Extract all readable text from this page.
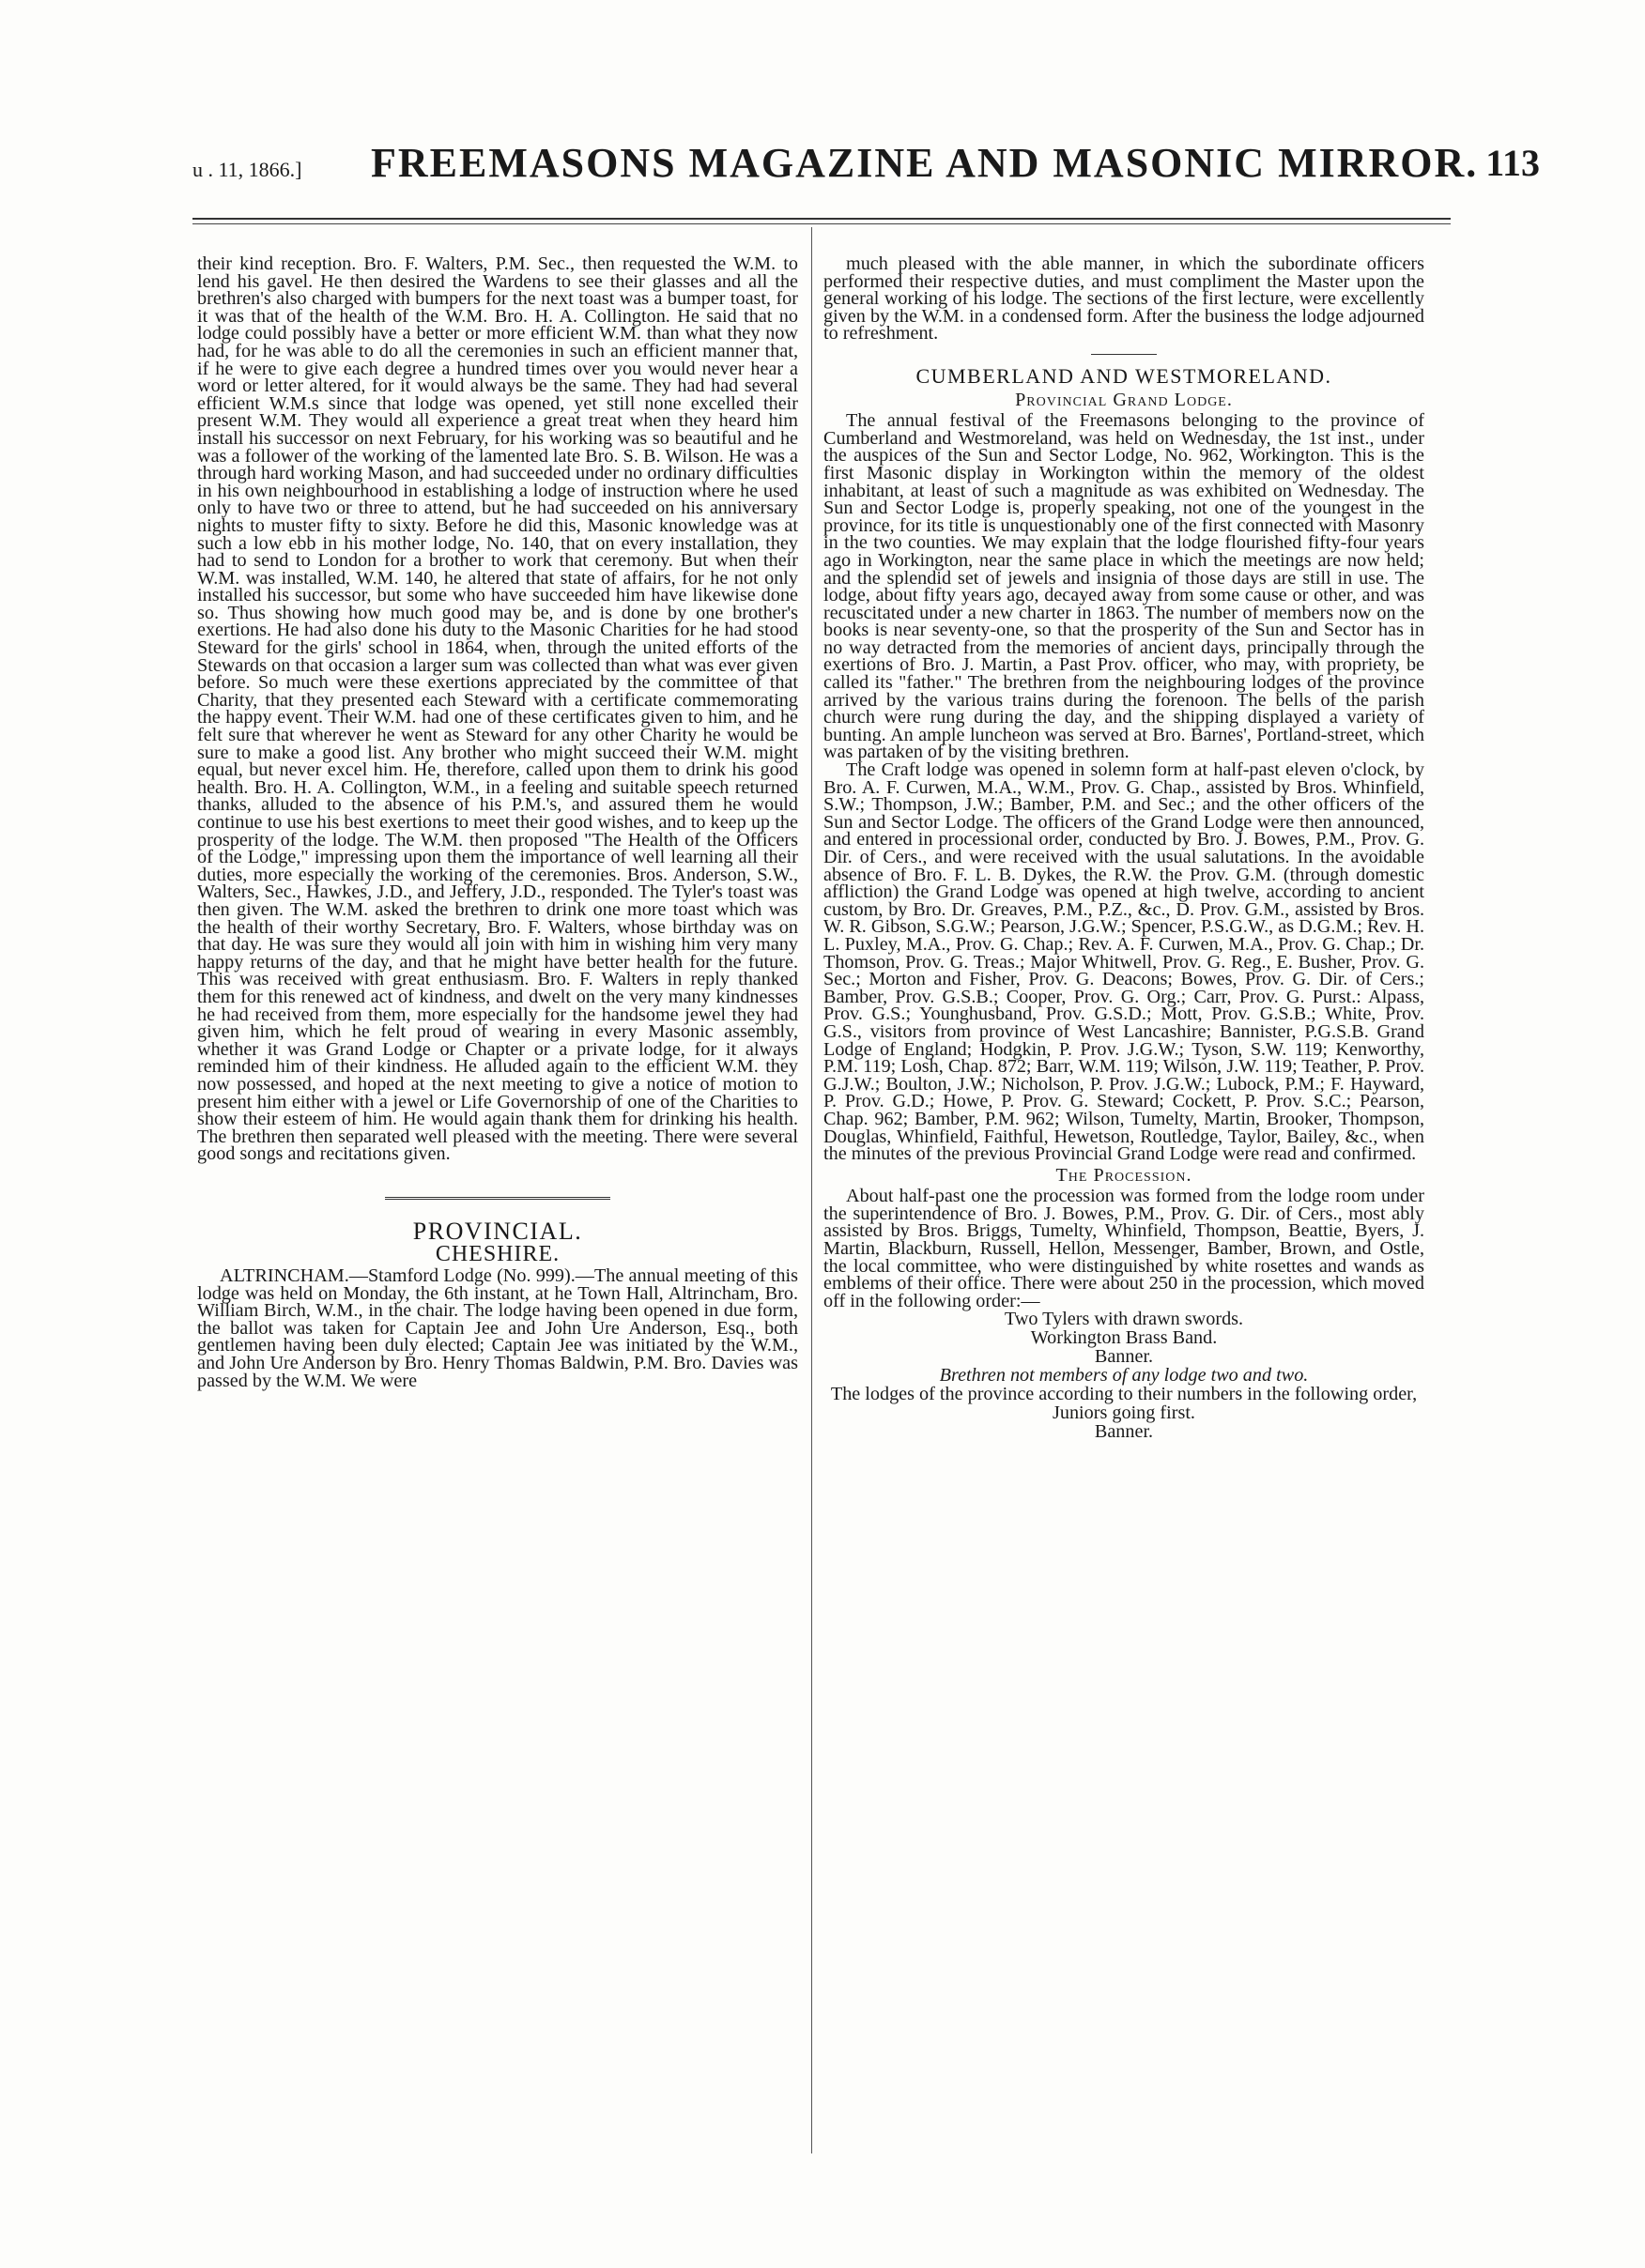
u . 11, 1866.] FREEMASONS MAGAZINE AND MASONIC MIRROR. 113

their kind reception. Bro. F. Walters, P.M. Sec., then requested the W.M. to lend his gavel. He then desired the Wardens to see their glasses and all the brethren's also charged with bumpers for the next toast was a bumper toast, for it was that of the health of the W.M. Bro. H. A. Collington. He said that no lodge could possibly have a better or more efficient W.M. than what they now had, for he was able to do all the ceremonies in such an efficient manner that, if he were to give each degree a hundred times over you would never hear a word or letter altered, for it would always be the same. They had had several efficient W.M.s since that lodge was opened, yet still none excelled their present W.M. They would all experience a great treat when they heard him install his successor on next February, for his working was so beautiful and he was a follower of the working of the lamented late Bro. S. B. Wilson. He was a through hard working Mason, and had succeeded under no ordinary difficulties in his own neighbourhood in establishing a lodge of instruction where he used only to have two or three to attend, but he had succeeded on his anniversary nights to muster fifty to sixty. Before he did this, Masonic knowledge was at such a low ebb in his mother lodge, No. 140, that on every installation, they had to send to London for a brother to work that ceremony. But when their W.M. was installed, W.M. 140, he altered that state of affairs, for he not only installed his successor, but some who have succeeded him have likewise done so. Thus showing how much good may be, and is done by one brother's exertions. He had also done his duty to the Masonic Charities for he had stood Steward for the girls' school in 1864, when, through the united efforts of the Stewards on that occasion a larger sum was collected than what was ever given before. So much were these exertions appreciated by the committee of that Charity, that they presented each Steward with a certificate commemorating the happy event. Their W.M. had one of these certificates given to him, and he felt sure that wherever he went as Steward for any other Charity he would be sure to make a good list. Any brother who might succeed their W.M. might equal, but never excel him. He, therefore, called upon them to drink his good health. Bro. H. A. Collington, W.M., in a feeling and suitable speech returned thanks, alluded to the absence of his P.M.'s, and assured them he would continue to use his best exertions to meet their good wishes, and to keep up the prosperity of the lodge. The W.M. then proposed "The Health of the Officers of the Lodge," impressing upon them the importance of well learning all their duties, more especially the working of the ceremonies. Bros. Anderson, S.W., Walters, Sec., Hawkes, J.D., and Jeffery, J.D., responded. The Tyler's toast was then given. The W.M. asked the brethren to drink one more toast which was the health of their worthy Secretary, Bro. F. Walters, whose birthday was on that day. He was sure they would all join with him in wishing him very many happy returns of the day, and that he might have better health for the future. This was received with great enthusiasm. Bro. F. Walters in reply thanked them for this renewed act of kindness, and dwelt on the very many kindnesses he had received from them, more especially for the handsome jewel they had given him, which he felt proud of wearing in every Masonic assembly, whether it was Grand Lodge or Chapter or a private lodge, for it always reminded him of their kindness. He alluded again to the efficient W.M. they now possessed, and hoped at the next meeting to give a notice of motion to present him either with a jewel or Life Governorship of one of the Charities to show their esteem of him. He would again thank them for drinking his health. The brethren then separated well pleased with the meeting. There were several good songs and recitations given.

PROVINCIAL.
CHESHIRE.

ALTRINCHAM.—Stamford Lodge (No. 999).—The annual meeting of this lodge was held on Monday, the 6th instant, at he Town Hall, Altrincham, Bro. William Birch, W.M., in the chair. The lodge having been opened in due form, the ballot was taken for Captain Jee and John Ure Anderson, Esq., both gentlemen having been duly elected; Captain Jee was initiated by the W.M., and John Ure Anderson by Bro. Henry Thomas Baldwin, P.M. Bro. Davies was passed by the W.M. We were

much pleased with the able manner, in which the subordinate officers performed their respective duties, and must compliment the Master upon the general working of his lodge. The sections of the first lecture, were excellently given by the W.M. in a condensed form. After the business the lodge adjourned to refreshment.

CUMBERLAND AND WESTMORELAND.
Provincial Grand Lodge.

The annual festival of the Freemasons belonging to the province of Cumberland and Westmoreland, was held on Wednesday, the 1st inst., under the auspices of the Sun and Sector Lodge, No. 962, Workington. This is the first Masonic display in Workington within the memory of the oldest inhabitant, at least of such a magnitude as was exhibited on Wednesday. The Sun and Sector Lodge is, properly speaking, not one of the youngest in the province, for its title is unquestionably one of the first connected with Masonry in the two counties. We may explain that the lodge flourished fifty-four years ago in Workington, near the same place in which the meetings are now held; and the splendid set of jewels and insignia of those days are still in use. The lodge, about fifty years ago, decayed away from some cause or other, and was recuscitated under a new charter in 1863. The number of members now on the books is near seventy-one, so that the prosperity of the Sun and Sector has in no way detracted from the memories of ancient days, principally through the exertions of Bro. J. Martin, a Past Prov. officer, who may, with propriety, be called its "father." The brethren from the neighbouring lodges of the province arrived by the various trains during the forenoon. The bells of the parish church were rung during the day, and the shipping displayed a variety of bunting. An ample luncheon was served at Bro. Barnes', Portland-street, which was partaken of by the visiting brethren.

The Craft lodge was opened in solemn form at half-past eleven o'clock, by Bro. A. F. Curwen, M.A., W.M., Prov. G. Chap., assisted by Bros. Whinfield, S.W.; Thompson, J.W.; Bamber, P.M. and Sec.; and the other officers of the Sun and Sector Lodge. The officers of the Grand Lodge were then announced, and entered in processional order, conducted by Bro. J. Bowes, P.M., Prov. G. Dir. of Cers., and were received with the usual salutations. In the avoidable absence of Bro. F. L. B. Dykes, the R.W. the Prov. G.M. (through domestic affliction) the Grand Lodge was opened at high twelve, according to ancient custom, by Bro. Dr. Greaves, P.M., P.Z., &c., D. Prov. G.M., assisted by Bros. W. R. Gibson, S.G.W.; Pearson, J.G.W.; Spencer, P.S.G.W., as D.G.M.; Rev. H. L. Puxley, M.A., Prov. G. Chap.; Rev. A. F. Curwen, M.A., Prov. G. Chap.; Dr. Thomson, Prov. G. Treas.; Major Whitwell, Prov. G. Reg., E. Busher, Prov. G. Sec.; Morton and Fisher, Prov. G. Deacons; Bowes, Prov. G. Dir. of Cers.; Bamber, Prov. G.S.B.; Cooper, Prov. G. Org.; Carr, Prov. G. Purst.: Alpass, Prov. G.S.; Younghusband, Prov. G.S.D.; Mott, Prov. G.S.B.; White, Prov. G.S., visitors from province of West Lancashire; Bannister, P.G.S.B. Grand Lodge of England; Hodgkin, P. Prov. J.G.W.; Tyson, S.W. 119; Kenworthy, P.M. 119; Losh, Chap. 872; Barr, W.M. 119; Wilson, J.W. 119; Teather, P. Prov. G.J.W.; Boulton, J.W.; Nicholson, P. Prov. J.G.W.; Lubock, P.M.; F. Hayward, P. Prov. G.D.; Howe, P. Prov. G. Steward; Cockett, P. Prov. S.C.; Pearson, Chap. 962; Bamber, P.M. 962; Wilson, Tumelty, Martin, Brooker, Thompson, Douglas, Whinfield, Faithful, Hewetson, Routledge, Taylor, Bailey, &c., when the minutes of the previous Provincial Grand Lodge were read and confirmed.

The Procession.

About half-past one the procession was formed from the lodge room under the superintendence of Bro. J. Bowes, P.M., Prov. G. Dir. of Cers., most ably assisted by Bros. Briggs, Tumelty, Whinfield, Thompson, Beattie, Byers, J. Martin, Blackburn, Russell, Hellon, Messenger, Bamber, Brown, and Ostle, the local committee, who were distinguished by white rosettes and wands as emblems of their office. There were about 250 in the procession, which moved off in the following order:—

Two Tylers with drawn swords.
Workington Brass Band.
Banner.
Brethren not members of any lodge two and two.
The lodges of the province according to their numbers in the following order, Juniors going first.
Banner.
